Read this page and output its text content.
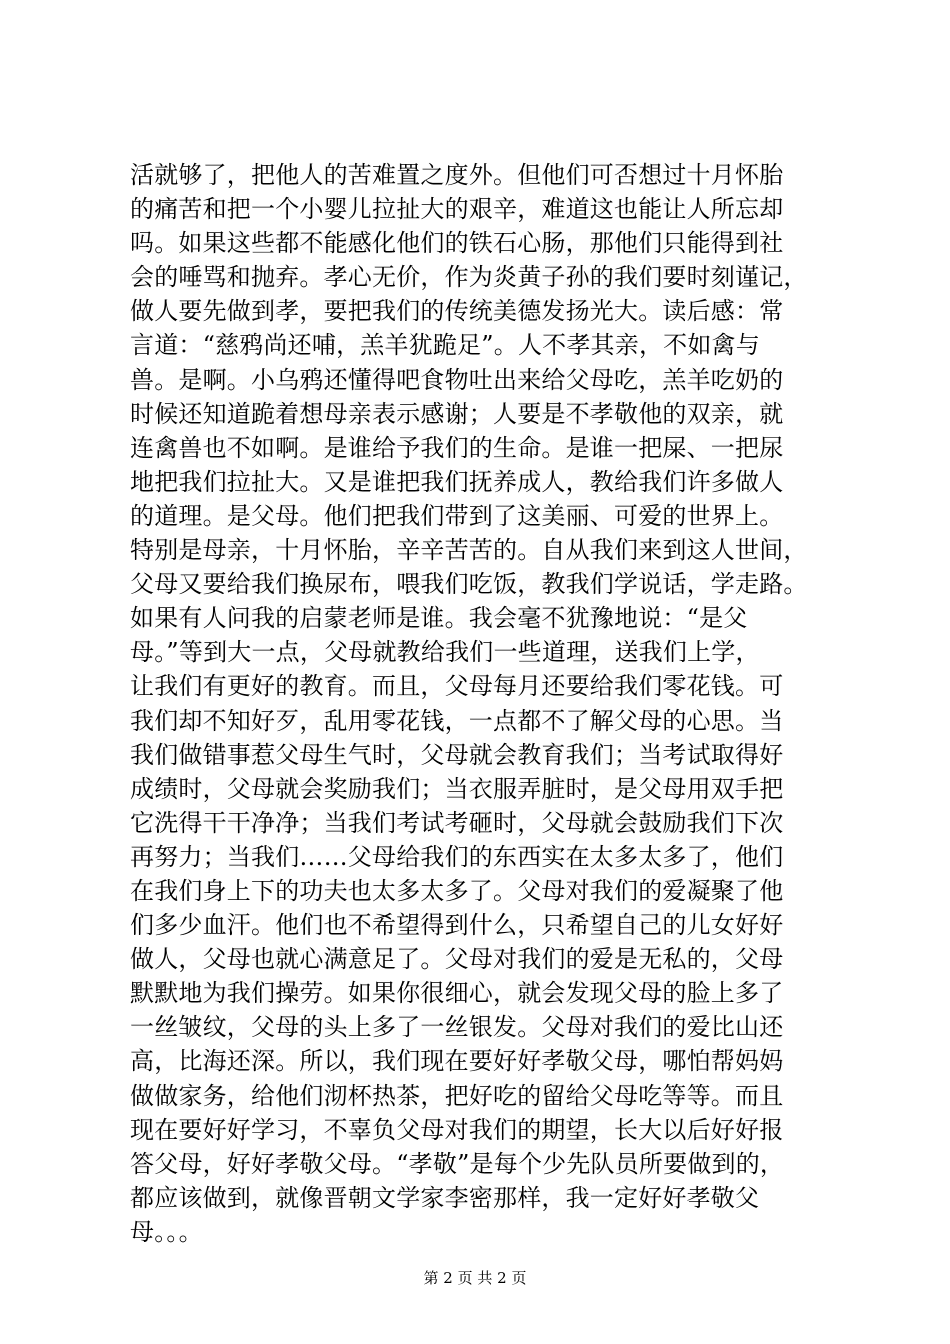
活就够了，把他人的苦难置之度外。但他们可否想过十月怀胎
的痛苦和把一个小婴儿拉扯大的艰辛，难道这也能让人所忘却
吗。如果这些都不能感化他们的铁石心肠，那他们只能得到社
会的唾骂和抛弃。孝心无价，作为炎黄子孙的我们要时刻谨记，
做人要先做到孝，要把我们的传统美德发扬光大。读后感：常
言道：“慈鸦尚还哺，羔羊犹跪足”。人不孝其亲，不如禽与
兽。是啊。小乌鸦还懂得吧食物吐出来给父母吃，羔羊吃奶的
时候还知道跪着想母亲表示感谢；人要是不孝敬他的双亲，就
连禽兽也不如啊。是谁给予我们的生命。是谁一把屎、一把尿
地把我们拉扯大。又是谁把我们抚养成人，教给我们许多做人
的道理。是父母。他们把我们带到了这美丽、可爱的世界上。
特别是母亲，十月怀胎，辛辛苦苦的。自从我们来到这人世间，
父母又要给我们换尿布，喂我们吃饭，教我们学说话，学走路。
如果有人问我的启蒙老师是谁。我会毫不犹豫地说：“是父
母。”等到大一点，父母就教给我们一些道理，送我们上学，
让我们有更好的教育。而且，父母每月还要给我们零花钱。可
我们却不知好歹，乱用零花钱，一点都不了解父母的心思。当
我们做错事惹父母生气时，父母就会教育我们；当考试取得好
成绩时，父母就会奖励我们；当衣服弄脏时，是父母用双手把
它洗得干干净净；当我们考试考砸时，父母就会鼓励我们下次
再努力；当我们……父母给我们的东西实在太多太多了，他们
在我们身上下的功夫也太多太多了。父母对我们的爱凝聚了他
们多少血汗。他们也不希望得到什么，只希望自己的儿女好好
做人，父母也就心满意足了。父母对我们的爱是无私的，父母
默默地为我们操劳。如果你很细心，就会发现父母的脸上多了
一丝皱纹，父母的头上多了一丝银发。父母对我们的爱比山还
高，比海还深。所以，我们现在要好好孝敬父母，哪怕帮妈妈
做做家务，给他们沏杯热茶，把好吃的留给父母吃等等。而且
现在要好好学习，不辜负父母对我们的期望，长大以后好好报
答父母，好好孝敬父母。“孝敬”是每个少先队员所要做到的，
都应该做到，就像晋朝文学家李密那样，我一定好好孝敬父
母。。。
第 2 页 共 2 页
